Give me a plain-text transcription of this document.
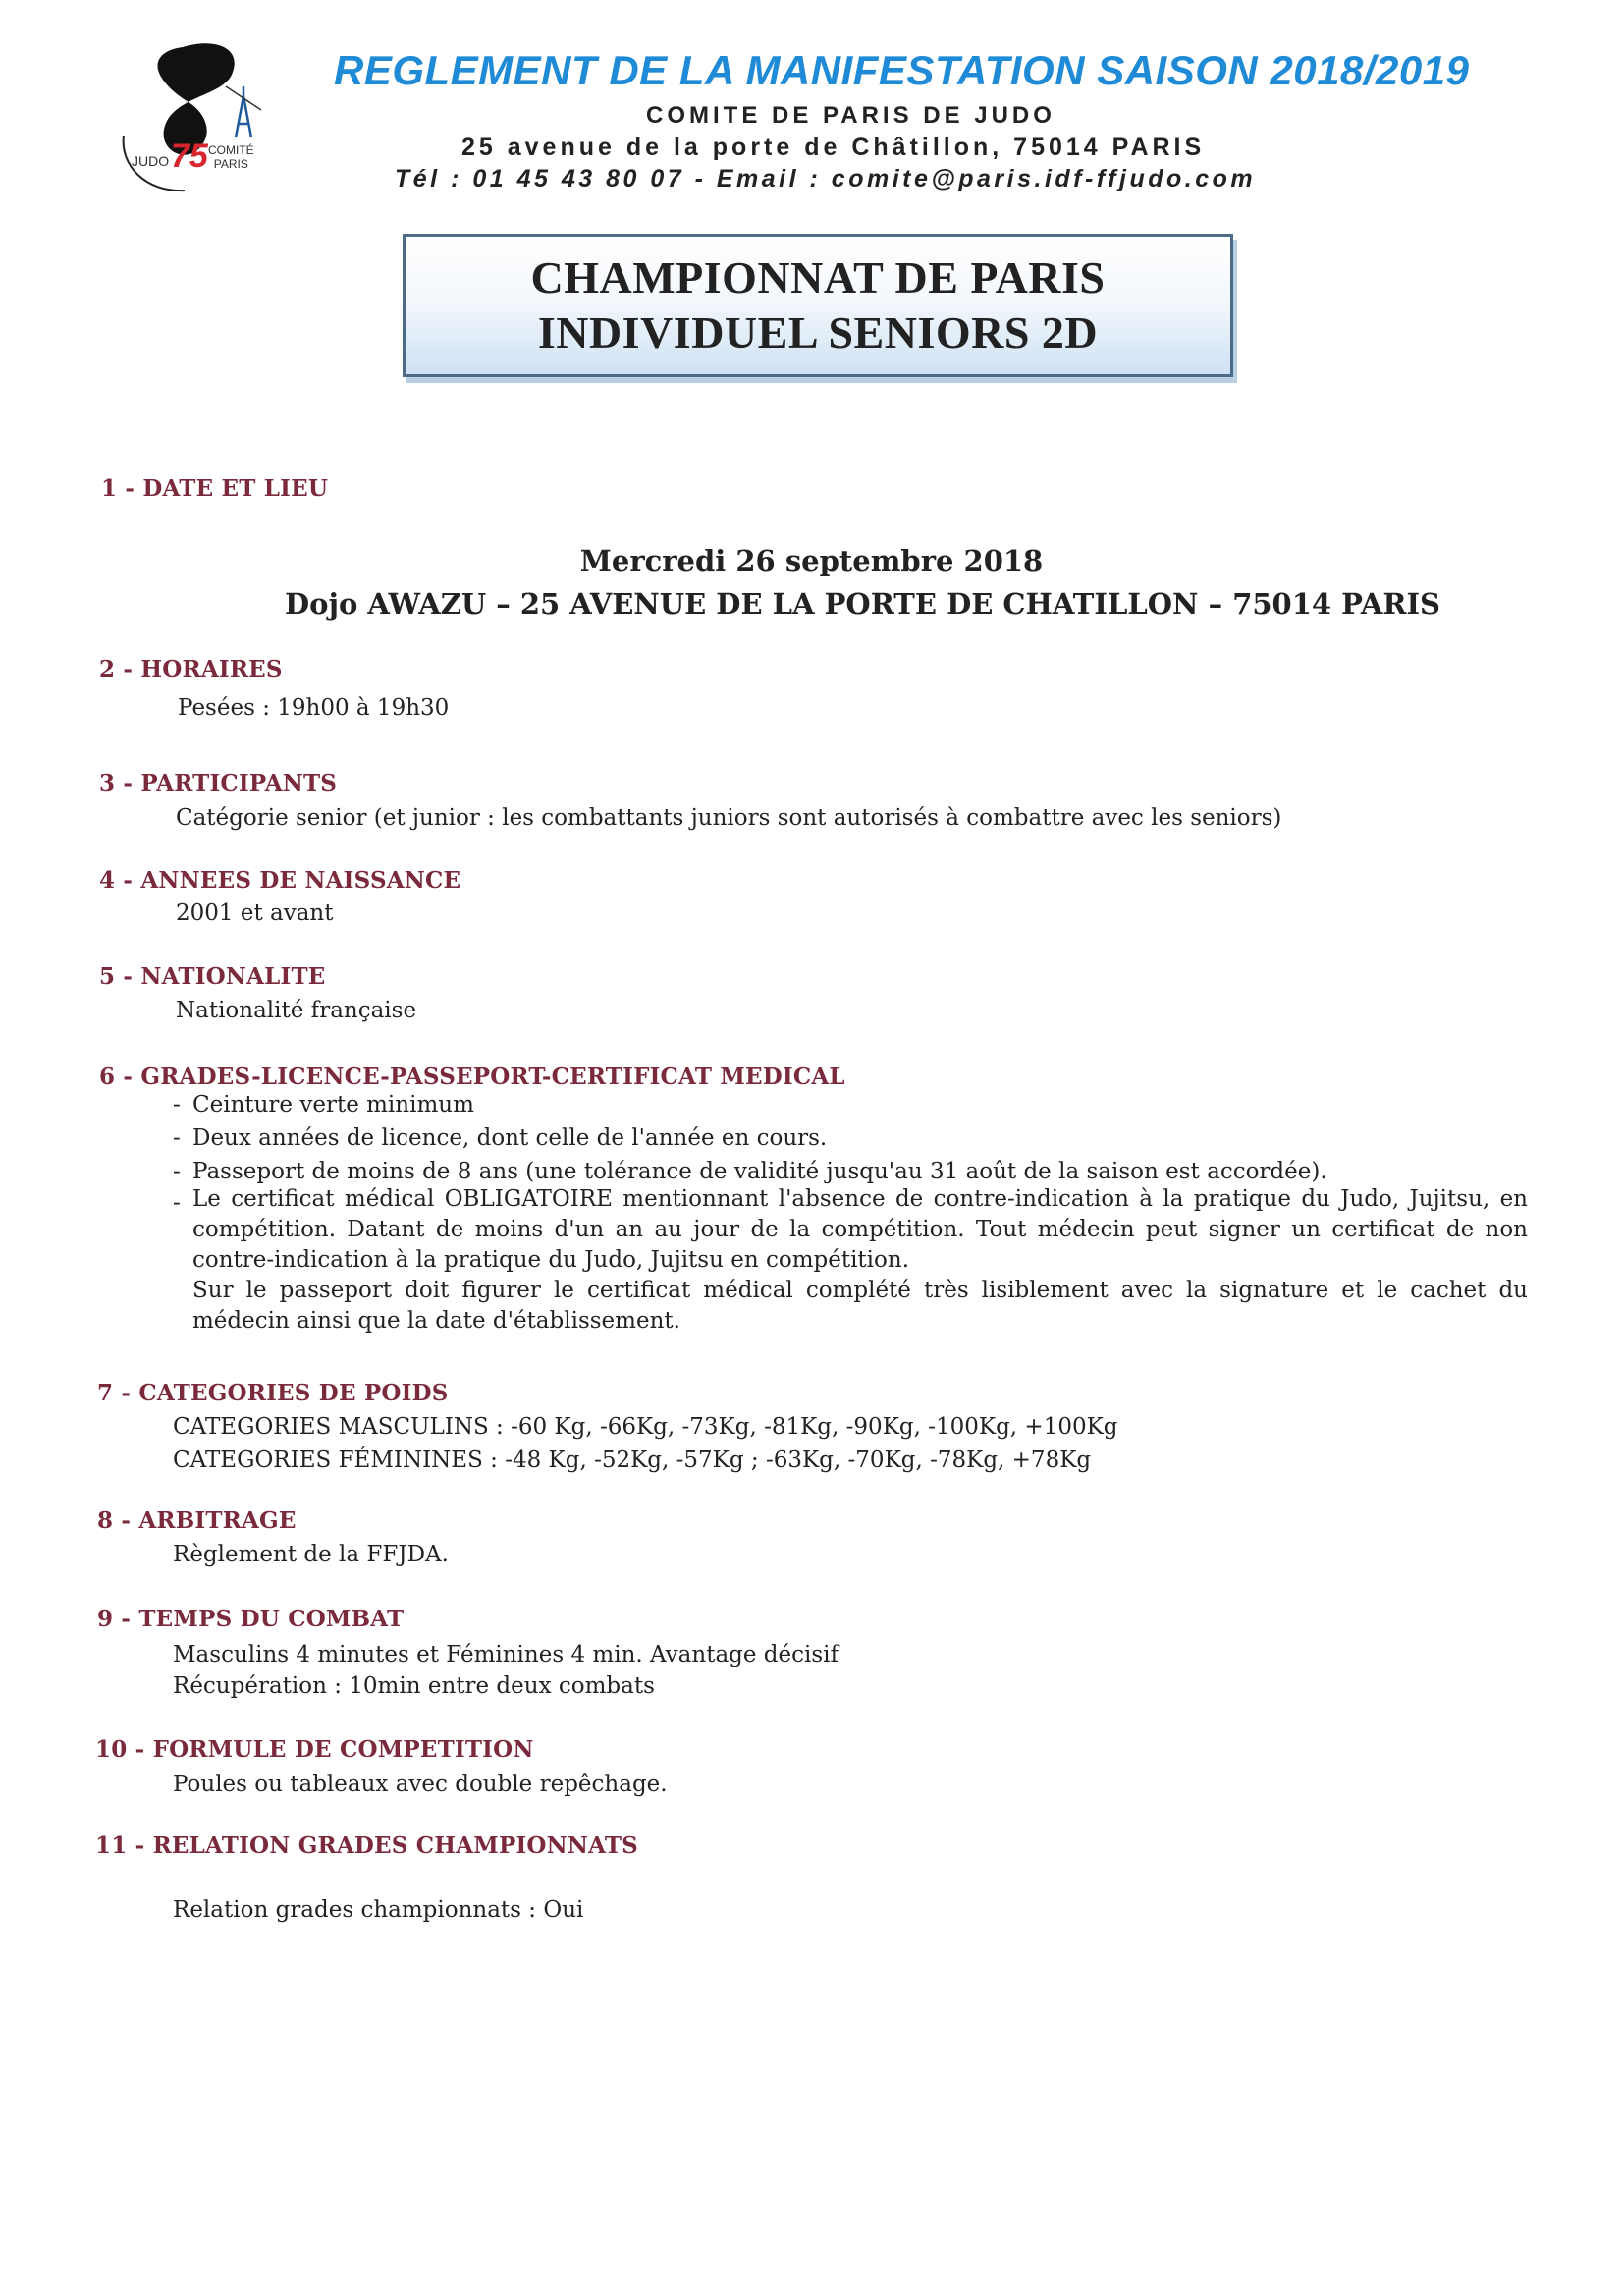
JUDO 75 COMITÉ
PARIS
REGLEMENT DE LA MANIFESTATION SAISON 2018/2019
COMITE DE PARIS DE JUDO
25 avenue de la porte de Châtillon, 75014 PARIS
Tél : 01 45 43 80 07 - Email : comite@paris.idf-ffjudo.com
CHAMPIONNAT DE PARIS
INDIVIDUEL SENIORS 2D
1 - DATE ET LIEU
Mercredi 26 septembre 2018
Dojo AWAZU – 25 AVENUE DE LA PORTE DE CHATILLON – 75014 PARIS
2 - HORAIRES
Pesées : 19h00 à 19h30
3 - PARTICIPANTS
Catégorie senior (et junior : les combattants juniors sont autorisés à combattre avec les seniors)
4 - ANNEES DE NAISSANCE
2001 et avant
5 - NATIONALITE
Nationalité française
6 - GRADES-LICENCE-PASSEPORT-CERTIFICAT MEDICAL
- Ceinture verte minimum
- Deux années de licence, dont celle de l'année en cours.
- Passeport de moins de 8 ans (une tolérance de validité jusqu'au 31 août de la saison est accordée).
- Le certificat médical OBLIGATOIRE mentionnant l'absence de contre-indication à la pratique du Judo, Jujitsu, en compétition. Datant de moins d'un an au jour de la compétition. Tout médecin peut signer un certificat de non contre-indication à la pratique du Judo, Jujitsu en compétition.

Sur le passeport doit figurer le certificat médical complété très lisiblement avec la signature et le cachet du médecin ainsi que la date d'établissement.

7 - CATEGORIES DE POIDS
CATEGORIES MASCULINS : -60 Kg, -66Kg, -73Kg, -81Kg, -90Kg, -100Kg, +100Kg
CATEGORIES FÉMININES : -48 Kg, -52Kg, -57Kg ; -63Kg, -70Kg, -78Kg, +78Kg
8 - ARBITRAGE
Règlement de la FFJDA.
9 - TEMPS DU COMBAT
Masculins 4 minutes et Féminines 4 min. Avantage décisif
Récupération : 10min entre deux combats
10 - FORMULE DE COMPETITION
Poules ou tableaux avec double repêchage.
11 - RELATION GRADES CHAMPIONNATS
Relation grades championnats : Oui
